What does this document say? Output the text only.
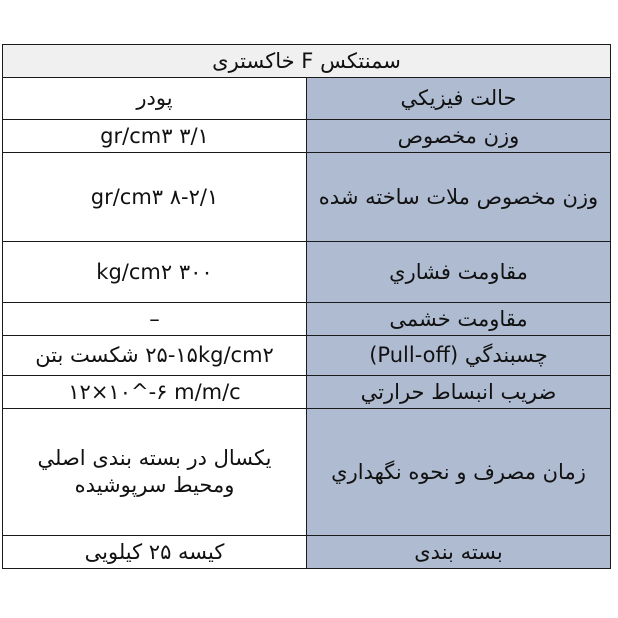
سمنتکس F خاکستری	
حالت فيزيكي	پودر
وزن مخصوص	۳/۱ gr/cm۳
وزن مخصوص ملات ساخته شده	۸-۲/۱ gr/cm۳
مقاومت فشاري	۳۰۰ kg/cm۲
مقاومت خشمی	–
چسبندگي (Pull-off)	۲۵-۱۵kg/cm۲ شکست بتن
ضريب انبساط حرارتي	۱۲×۱۰^-۶ m/m/c
زمان مصرف و نحوه نگهداري	يكسال در بسته بندی اصلي ومحيط سرپوشيده
بسته بندی	کیسه ۲۵ کیلویی
